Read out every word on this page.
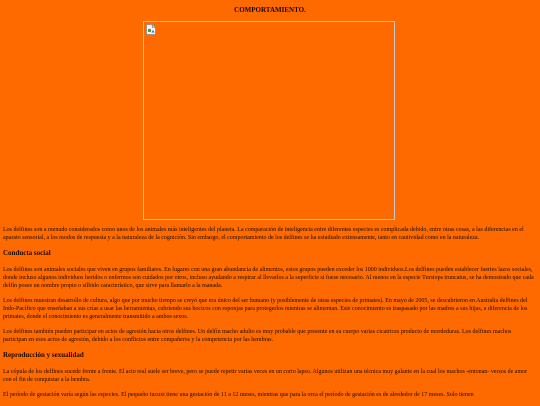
COMPORTAMIENTO.

Los delfines son a menudo considerados como unos de los animales más inteligentes del planeta. La comparación de inteligencia entre diferentes especies es complicada debido, entre otras cosas, a las diferencias en el aparato sensorial, a los modos de respuesta y a la naturaleza de la cognición. Sin embargo, el comportamiento de los delfines se ha estudiado extensamente, tanto en cautividad como en la naturaleza.

Conducta social

Los delfines son animales sociales que viven en grupos familiares. En lugares con una gran abundancia de alimentos, estos grupos pueden exceder los 1000 individuos.Los delfines pueden establecer fuertes lazos sociales, donde incluso algunos individuos heridos o enfermos son cuidados por otros, incluso ayudando a respirar al llevarlos a la superficie si fuese necesario. Al menos en la especie Tursiops truncatus, se ha demostrado que cada delfín posee un nombre propio o silbido característico, que sirve para llamarlo a la manada.

Los delfines muestran desarrollo de cultura, algo que por mucho tiempo se creyó que era único del ser humano (y posiblemente de otras especies de primates). En mayo de 2005, se descubrieron en Australia delfines del Indo-Pacífico que enseñaban a sus crías a usar las herramientas, cubriendo sus hocicos con esponjas para protegerlos mientras se alimentan. Este conocimiento es traspasado por las madres a sus hijas, a diferencia de los primates, donde el conocimiento es generalmente transmitido a ambos sexos.

Los delfines también pueden participar en actos de agresión hacia otros delfines. Un delfín macho adulto es muy probable que presente en su cuerpo varias cicatrices producto de mordeduras. Los delfines machos participan en esos actos de agresión, debido a los conflictos entre compañeros y la competencia por las hembras.

Reproducción y sexualidad

La cópula de los delfines sucede frente a frente. El acto real suele ser breve, pero se puede repetir varias veces en un corto lapso. Algunos utilizan una técnica muy galante en la cual los machos -entonan- versos de amor con el fin de conquistar a la hembra.

El período de gestación varía según las especies. El pequeño tucuxi tiene una gestación de 11 a 12 meses, mientras que para la orca el período de gestación es de alrededor de 17 meses. Solo tienen
